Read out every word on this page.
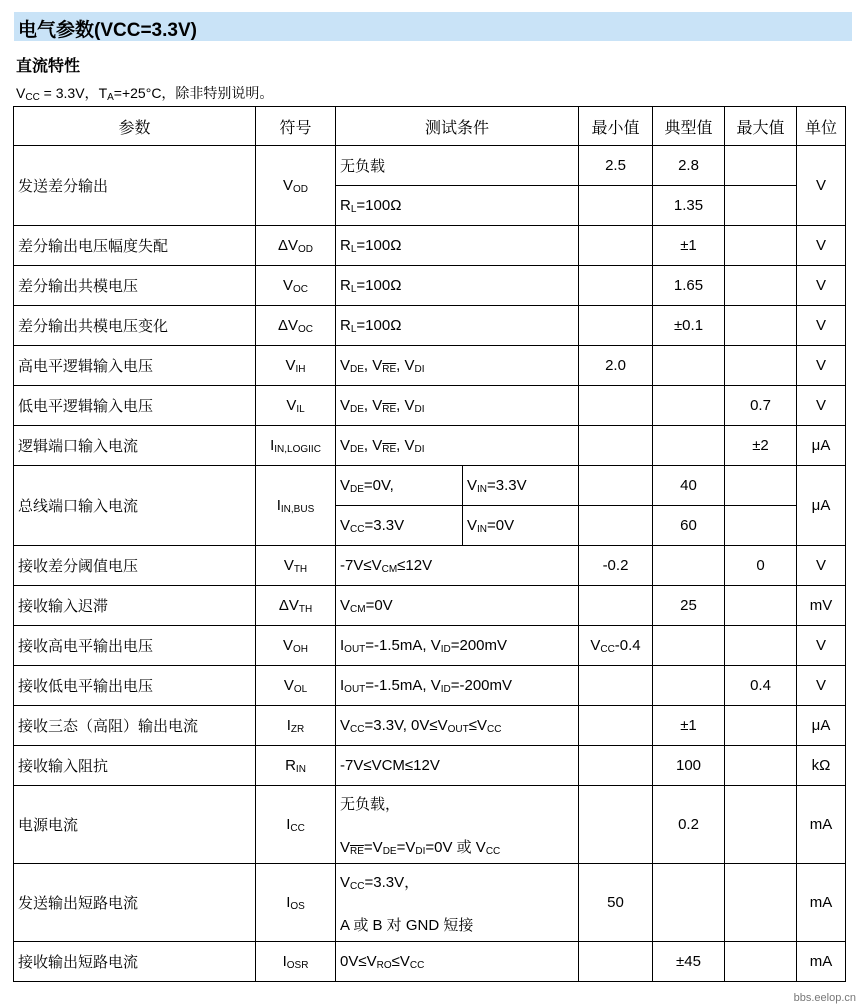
电气参数(VCC=3.3V)
直流特性
$V_{CC} = 3.3V$，$T_A=+25^\circ C$，除非特别说明。
参数	符号	测试条件		最小值	典型值	最大值	单位
发送差分输出	$V_{OD}$	无负载		2.5	2.8		V
		$R_L=100\Omega$			1.35		
差分输出电压幅度失配	$\Delta V_{OD}$	$R_L=100\Omega$			±1		V
差分输出共模电压	$V_{OC}$	$R_L=100\Omega$			1.65		V
差分输出共模电压变化	$\Delta V_{OC}$	$R_L=100\Omega$			±0.1		V
高电平逻辑输入电压	$V_{IH}$	$V_{DE}$, $V_{\overline{RE}}$, $V_{DI}$		2.0			V
低电平逻辑输入电压	$V_{IL}$	$V_{DE}$, $V_{\overline{RE}}$, $V_{DI}$				0.7	V
逻辑端口输入电流	$I_{IN,LOGIIC}$	$V_{DE}$, $V_{\overline{RE}}$, $V_{DI}$				±2	μA
总线端口输入电流	$I_{IN,BUS}$	$V_{DE}=0V$,	$V_{IN}=3.3V$		40		μA
		$V_{CC}=3.3V$	$V_{IN}=0V$		60		
接收差分阈值电压	$V_{TH}$	$-7V\le V_{CM}\le 12V$		-0.2		0	V
接收输入迟滞	$\Delta V_{TH}$	$V_{CM}=0V$			25		mV
接收高电平输出电压	$V_{OH}$	$I_{OUT}=-1.5mA$, $V_{ID}=200mV$		$V_{CC}-0.4$			V
接收低电平输出电压	$V_{OL}$	$I_{OUT}=-1.5mA$, $V_{ID}=-200mV$				0.4	V
接收三态（高阻）输出电流	$I_{ZR}$	$V_{CC}=3.3V$, $0V\le V_{OUT}\le V_{CC}$			±1		μA
接收输入阻抗	$R_{IN}$	-7V≤VCM≤12V			100		kΩ
电源电流	$I_{CC}$	无负载，
$V_{\overline{RE}}=V_{DE}=V_{DI}=0V$ 或 $V_{CC}$			0.2		mA
发送输出短路电流	$I_{OS}$	$V_{CC}=3.3V$，
A 或 B 对 GND 短接		50			mA
接收输出短路电流	$I_{OSR}$	$0V\le V_{RO}\le V_{CC}$			±45		mA
bbs.eelop.cn
